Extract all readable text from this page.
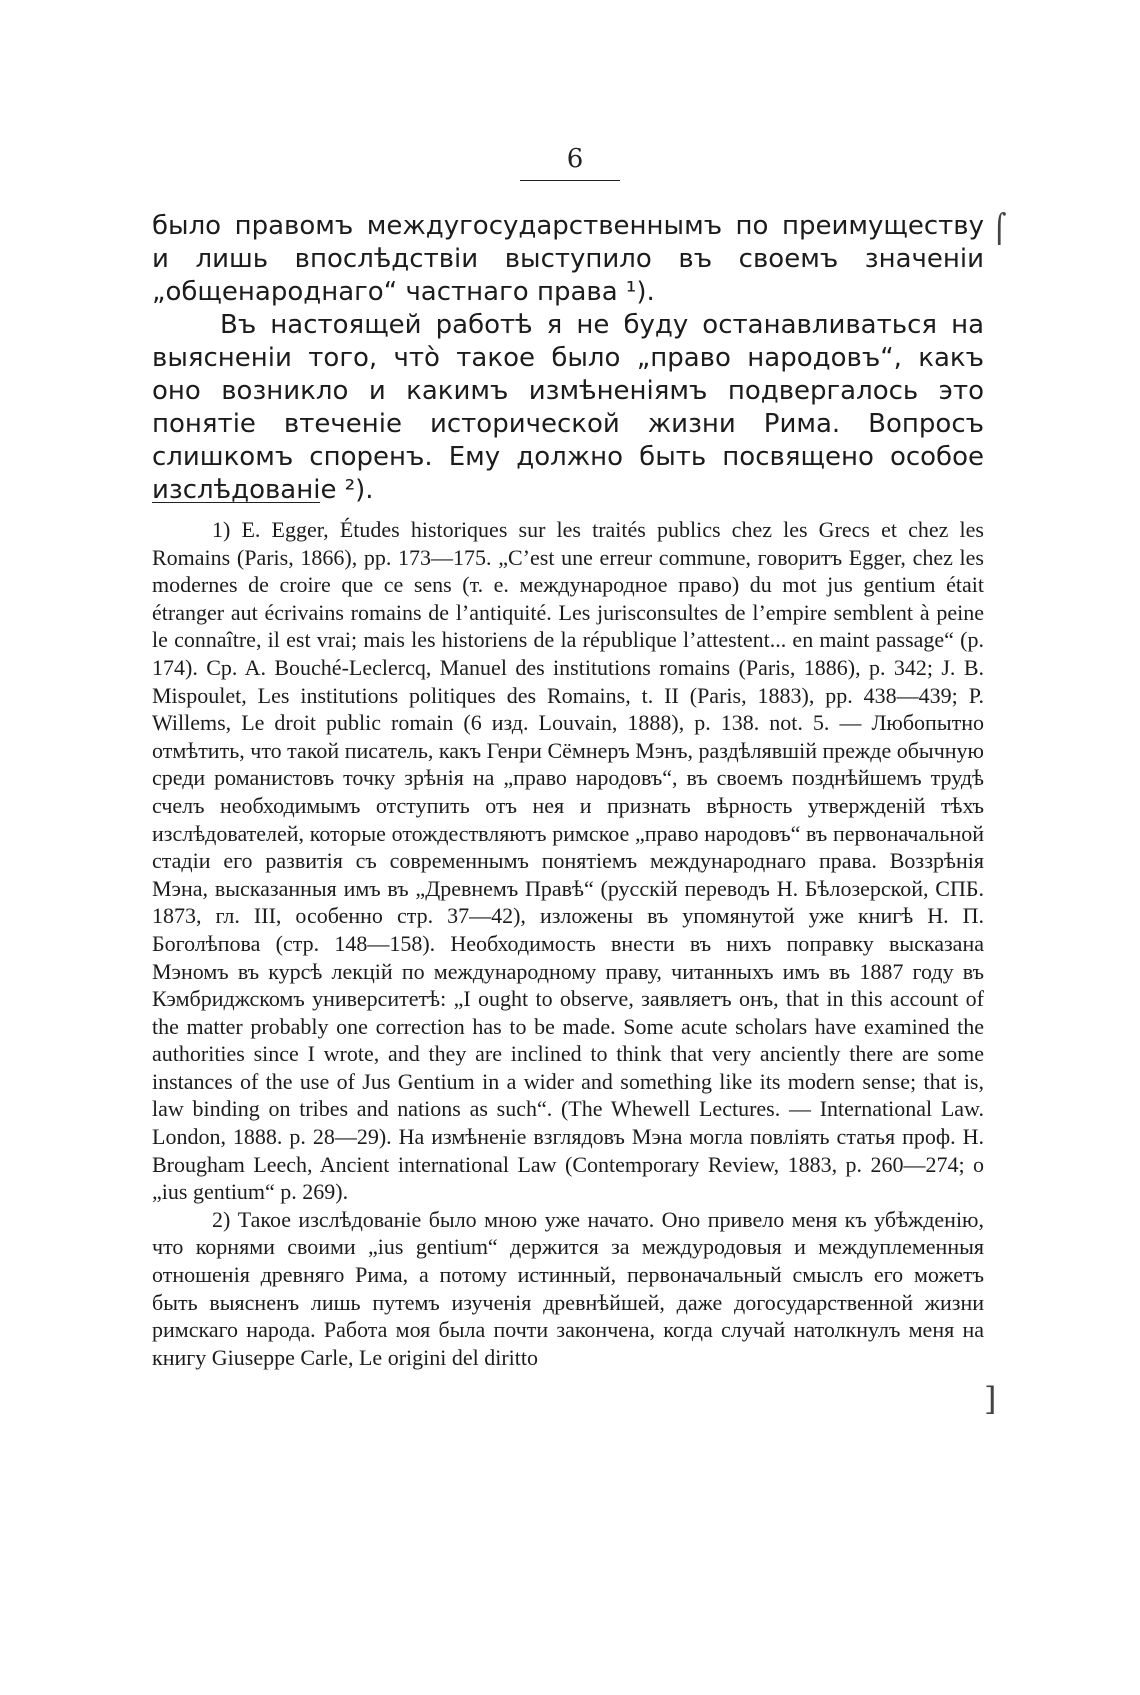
6

было правомъ междугосударственнымъ по преимуществу и лишь впослѣдствіи выступило въ своемъ значеніи „общенароднаго“ частнаго права ¹).

Въ настоящей работѣ я не буду останавливаться на выясненіи того, что̀ такое было „право народовъ“, какъ оно возникло и какимъ измѣненіямъ подвергалось это понятіе втеченіе исторической жизни Рима. Вопросъ слишкомъ споренъ. Ему должно быть посвящено особое изслѣдованіе ²).

⌠

1) E. Egger, Études historiques sur les traités publics chez les Grecs et chez les Romains (Paris, 1866), pp. 173—175. „C’est une erreur commune, говоритъ Egger, chez les modernes de croire que ce sens (т. е. международное право) du mot jus gentium était étranger aut écrivains romains de l’antiquité. Les jurisconsultes de l’empire semblent à peine le connaître, il est vrai; mais les historiens de la république l’attestent... en maint passage“ (p. 174). Cp. A. Bouché-Leclercq, Manuel des institutions romains (Paris, 1886), p. 342; J. B. Mispoulet, Les institutions politiques des Romains, t. II (Paris, 1883), pp. 438—439; P. Willems, Le droit public romain (6 изд. Louvain, 1888), p. 138. not. 5. — Любопытно отмѣтить, что такой писатель, какъ Генри Сёмнеръ Мэнъ, раздѣлявшій прежде обычную среди романистовъ точку зрѣнія на „право народовъ“, въ своемъ позднѣйшемъ трудѣ счелъ необходимымъ отступить отъ нея и признать вѣрность утвержденій тѣхъ изслѣдователей, которые отождествляютъ римское „право народовъ“ въ первоначальной стадіи его развитія съ современнымъ понятіемъ международнаго права. Воззрѣнія Мэна, высказанныя имъ въ „Древнемъ Правѣ“ (русскій переводъ Н. Бѣлозерской, СПБ. 1873, гл. III, особенно стр. 37—42), изложены въ упомянутой уже книгѣ Н. П. Боголѣпова (стр. 148—158). Необходимость внести въ нихъ поправку высказана Мэномъ въ курсѣ лекцій по международному праву, читанныхъ имъ въ 1887 году въ Кэмбриджскомъ университетѣ: „I ought to observe, заявляетъ онъ, that in this account of the matter probably one correction has to be made. Some acute scholars have examined the authorities since I wrote, and they are inclined to think that very anciently there are some instances of the use of Jus Gentium in a wider and something like its modern sense; that is, law binding on tribes and nations as such“. (The Whewell Lectures. — International Law. London, 1888. p. 28—29). На измѣненіе взглядовъ Мэна могла повліять статья проф. H. Brougham Leech, Ancient international Law (Contemporary Review, 1883, p. 260—274; o „ius gentium“ p. 269).

2) Такое изслѣдованіе было мною уже начато. Оно привело меня къ убѣжденію, что корнями своими „ius gentium“ держится за междуродовыя и междуплеменныя отношенія древняго Рима, а потому истинный, первоначальный смыслъ его можетъ быть выясненъ лишь путемъ изученія древнѣйшей, даже догосударственной жизни римскаго народа. Работа моя была почти закончена, когда случай натолкнулъ меня на книгу Giuseppe Carle, Le origini del diritto

]
